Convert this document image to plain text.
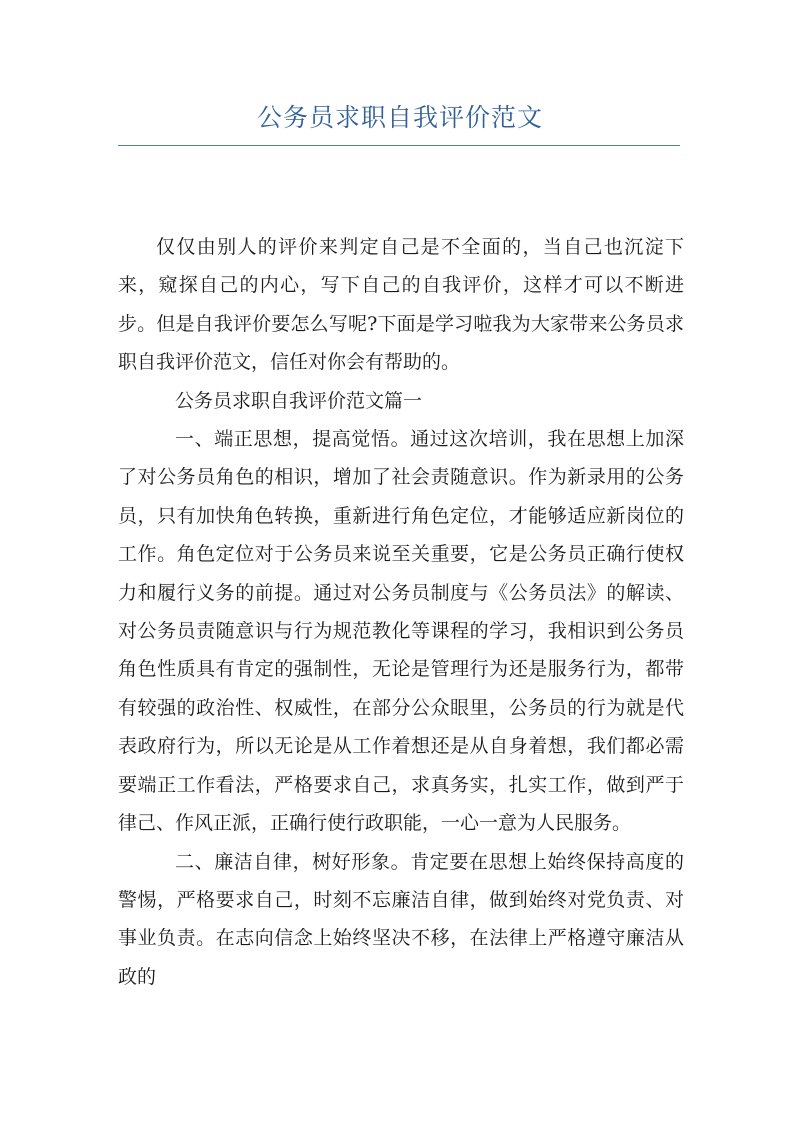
公务员求职自我评价范文

仅仅由别人的评价来判定自己是不全面的，当自己也沉淀下来，窥探自己的内心，写下自己的自我评价，这样才可以不断进步。但是自我评价要怎么写呢?下面是学习啦我为大家带来公务员求职自我评价范文，信任对你会有帮助的。

公务员求职自我评价范文篇一

一、端正思想，提高觉悟。通过这次培训，我在思想上加深了对公务员角色的相识，增加了社会责随意识。作为新录用的公务员，只有加快角色转换，重新进行角色定位，才能够适应新岗位的工作。角色定位对于公务员来说至关重要，它是公务员正确行使权力和履行义务的前提。通过对公务员制度与《公务员法》的解读、对公务员责随意识与行为规范教化等课程的学习，我相识到公务员角色性质具有肯定的强制性，无论是管理行为还是服务行为，都带有较强的政治性、权威性，在部分公众眼里，公务员的行为就是代表政府行为，所以无论是从工作着想还是从自身着想，我们都必需要端正工作看法，严格要求自己，求真务实，扎实工作，做到严于律己、作风正派，正确行使行政职能，一心一意为人民服务。

二、廉洁自律，树好形象。肯定要在思想上始终保持高度的警惕，严格要求自己，时刻不忘廉洁自律，做到始终对党负责、对事业负责。在志向信念上始终坚决不移，在法律上严格遵守廉洁从政的
